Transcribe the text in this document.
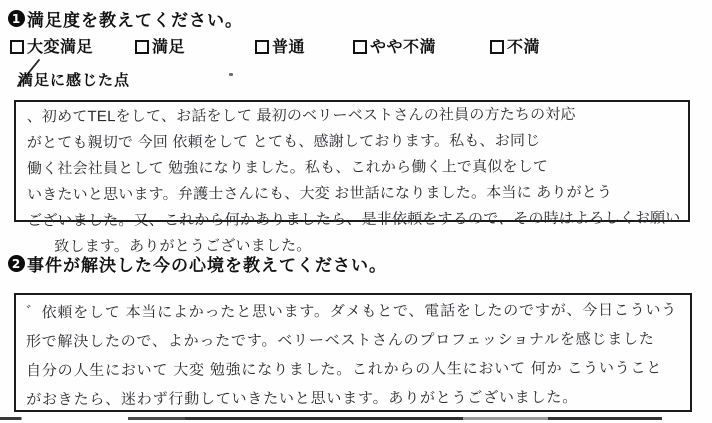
1 満足度を教えてください。
大変満足	満足	普通	やや不満	不満
満足に感じた点
、初めてTELをして、お話をして 最初のベリーベストさんの社員の方たちの対応
がとても親切で 今回 依頼をして とても、感謝しております。私も、お同じ
働く社会社員として 勉強になりました。私も、これから働く上で真似をして
いきたいと思います。弁護士さんにも、大変 お世話になりました。本当に ありがとう
ございました。又、これから何かありましたら、是非依頼をするので、その時はよろしくお願い
致します。ありがとうございました。
2 事件が解決した今の心境を教えてください。
゛依頼をして 本当によかったと思います。ダメもとで、電話をしたのですが、今日こういう
形で解決したので、よかったです。ベリーベストさんのプロフェッショナルを感じました
自分の人生において 大変 勉強になりました。これからの人生において 何か こういうこと
がおきたら、迷わず行動していきたいと思います。ありがとうございました。
